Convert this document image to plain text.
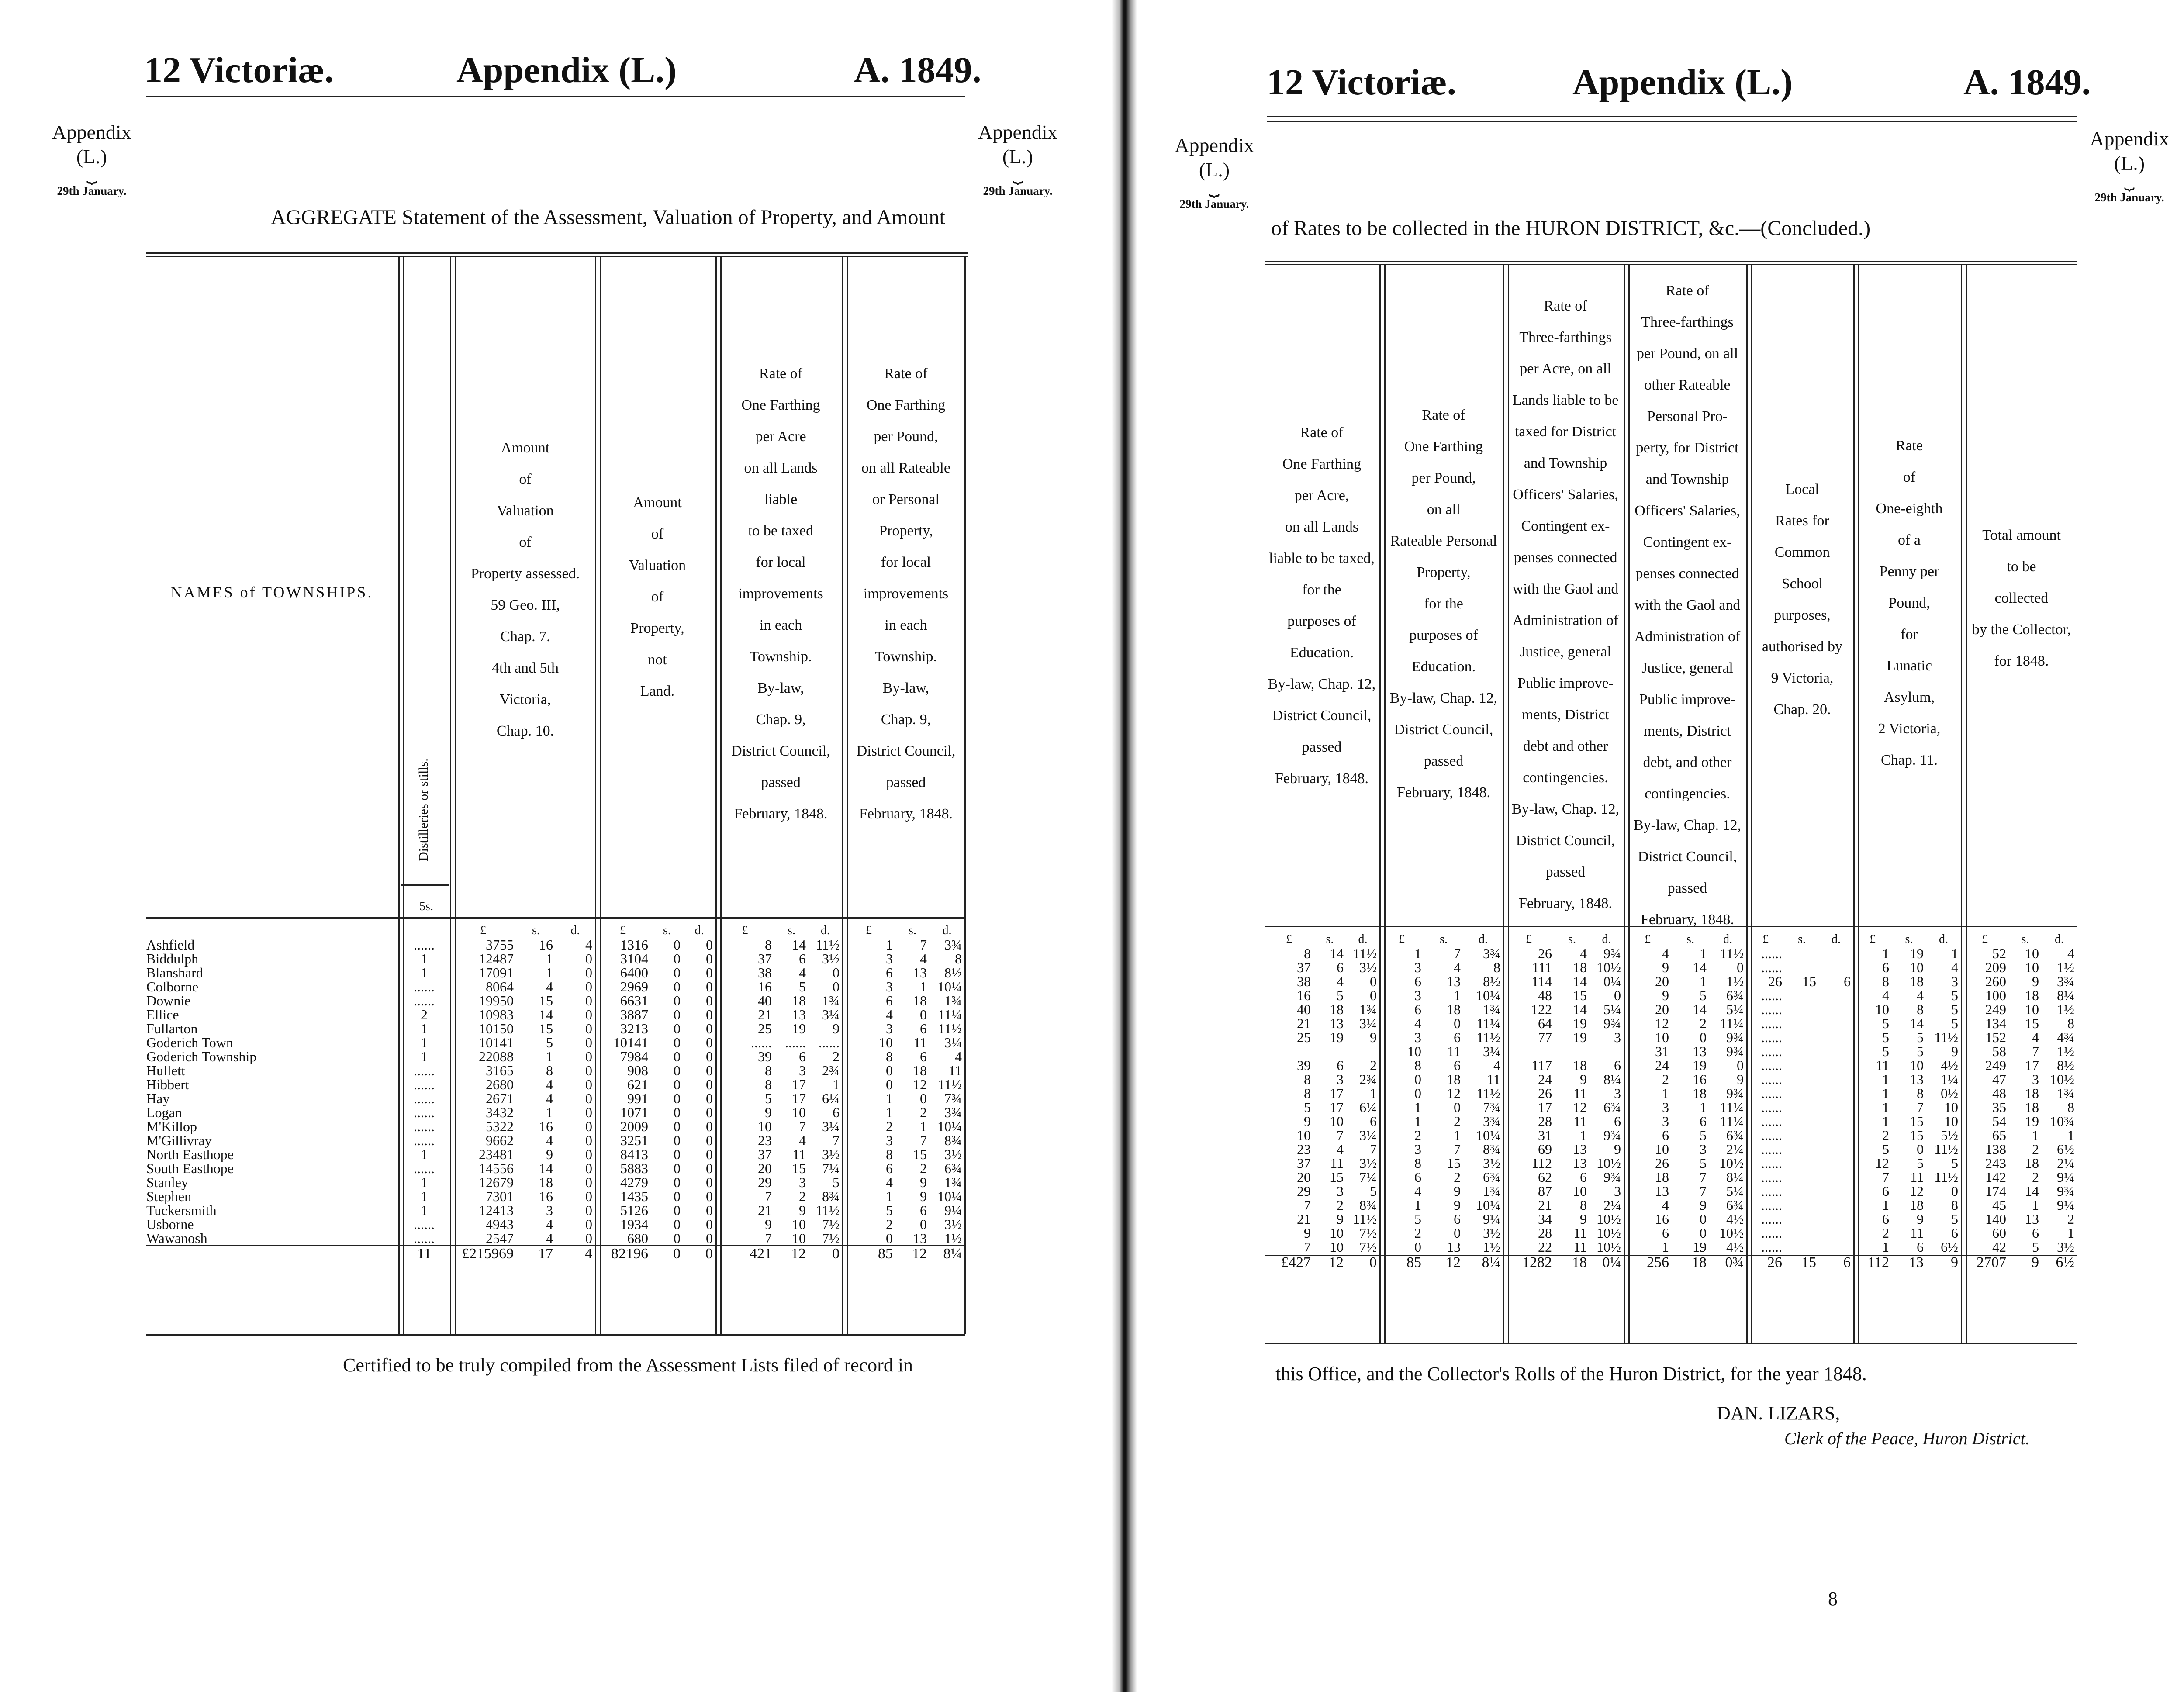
12 Victoriæ.	Appendix (L.)	A. 1849.
Appendix
(L.)
⏟
29th January.
Appendix
(L.)
⏟
29th January.
AGGREGATE Statement of the Assessment, Valuation of Property, and Amount
NAMES of TOWNSHIPS.
Distilleries or stills.
5s.
Amount
of
Valuation
of
Property assessed.
59 Geo. III,
Chap. 7.
4th and 5th
Victoria,
Chap. 10.
Amount
of
Valuation
of
Property,
not
Land.
Rate of
One Farthing
per Acre
on all Lands
liable
to be taxed
for local
improvements
in each
Township.
By-law,
Chap. 9,
District Council,
passed
February, 1848.
Rate of
One Farthing
per Pound,
on all Rateable
or Personal
Property,
for local
improvements
in each
Township.
By-law,
Chap. 9,
District Council,
passed
February, 1848.
		£	s.	d.	£	s.	d.	£	s.	d.	£	s.	d.
Ashfield	......	3755	16	4	1316	0	0	8	14	11½	1	7	3¾
Biddulph	1	12487	1	0	3104	0	0	37	6	3½	3	4	8
Blanshard	1	17091	1	0	6400	0	0	38	4	0	6	13	8½
Colborne	......	8064	4	0	2969	0	0	16	5	0	3	1	10¼
Downie	......	19950	15	0	6631	0	0	40	18	1¾	6	18	1¾
Ellice	2	10983	14	0	3887	0	0	21	13	3¼	4	0	11¼
Fullarton	1	10150	15	0	3213	0	0	25	19	9	3	6	11½
Goderich Town	1	10141	5	0	10141	0	0	......	......	......	10	11	3¼
Goderich Township	1	22088	1	0	7984	0	0	39	6	2	8	6	4
Hullett	......	3165	8	0	908	0	0	8	3	2¾	0	18	11
Hibbert	......	2680	4	0	621	0	0	8	17	1	0	12	11½
Hay	......	2671	4	0	991	0	0	5	17	6¼	1	0	7¾
Logan	......	3432	1	0	1071	0	0	9	10	6	1	2	3¾
M'Killop	......	5322	16	0	2009	0	0	10	7	3¼	2	1	10¼
M'Gillivray	......	9662	4	0	3251	0	0	23	4	7	3	7	8¾
North Easthope	1	23481	9	0	8413	0	0	37	11	3½	8	15	3½
South Easthope	......	14556	14	0	5883	0	0	20	15	7¼	6	2	6¾
Stanley	1	12679	18	0	4279	0	0	29	3	5	4	9	1¾
Stephen	1	7301	16	0	1435	0	0	7	2	8¾	1	9	10¼
Tuckersmith	1	12413	3	0	5126	0	0	21	9	11½	5	6	9¼
Usborne	......	4943	4	0	1934	0	0	9	10	7½	2	0	3½
Wawanosh	......	2547	4	0	680	0	0	7	10	7½	0	13	1½
	11	£215969	17	4	82196	0	0	421	12	0	85	12	8¼
Certified to be truly compiled from the Assessment Lists filed of record in
12 Victoriæ.	Appendix (L.)	A. 1849.
Appendix
(L.)
⏟
29th January.
Appendix
(L.)
⏟
29th January.
of Rates to be collected in the HURON DISTRICT, &c.—(Concluded.)
Rate of
One Farthing
per Acre,
on all Lands
liable to be taxed,
for the
purposes of
Education.
By-law, Chap. 12,
District Council,
passed
February, 1848.
Rate of
One Farthing
per Pound,
on all
Rateable Personal
Property,
for the
purposes of
Education.
By-law, Chap. 12,
District Council,
passed
February, 1848.
Rate of
Three-farthings
per Acre, on all
Lands liable to be
taxed for District
and Township
Officers' Salaries,
Contingent ex-
penses connected
with the Gaol and
Administration of
Justice, general
Public improve-
ments, District
debt and other
contingencies.
By-law, Chap. 12,
District Council,
passed
February, 1848.
Rate of
Three-farthings
per Pound, on all
other Rateable
Personal Pro-
perty, for District
and Township
Officers' Salaries,
Contingent ex-
penses connected
with the Gaol and
Administration of
Justice, general
Public improve-
ments, District
debt, and other
contingencies.
By-law, Chap. 12,
District Council,
passed
February, 1848.
Local
Rates for
Common
School
purposes,
authorised by
9 Victoria,
Chap. 20.
Rate
of
One-eighth
of a
Penny per
Pound,
for
Lunatic
Asylum,
2 Victoria,
Chap. 11.
Total amount
to be
collected
by the Collector,
for 1848.
£	s.	d.	£	s.	d.	£	s.	d.	£	s.	d.	£	s.	d.	£	s.	d.	£	s.	d.
8	14	11½	1	7	3¾	26	4	9¾	4	1	11½	......			1	19	1	52	10	4
37	6	3½	3	4	8	111	18	10½	9	14	0	......			6	10	4	209	10	1½
38	4	0	6	13	8½	114	14	0¼	20	1	1½	26	15	6	8	18	3	260	9	3¾
16	5	0	3	1	10¼	48	15	0	9	5	6¾	......			4	4	5	100	18	8¼
40	18	1¾	6	18	1¾	122	14	5¼	20	14	5¼	......			10	8	5	249	10	1½
21	13	3¼	4	0	11¼	64	19	9¾	12	2	11¼	......			5	14	5	134	15	8
25	19	9	3	6	11½	77	19	3	10	0	9¾	......			5	5	11½	152	4	4¾
			10	11	3¼				31	13	9¾	......			5	5	9	58	7	1½
39	6	2	8	6	4	117	18	6	24	19	0	......			11	10	4½	249	17	8½
8	3	2¾	0	18	11	24	9	8¼	2	16	9	......			1	13	1¼	47	3	10½
8	17	1	0	12	11½	26	11	3	1	18	9¾	......			1	8	0½	48	18	1¾
5	17	6¼	1	0	7¾	17	12	6¾	3	1	11¼	......			1	7	10	35	18	8
9	10	6	1	2	3¾	28	11	6	3	6	11¼	......			1	15	10	54	19	10¾
10	7	3¼	2	1	10¼	31	1	9¾	6	5	6¾	......			2	15	5½	65	1	1
23	4	7	3	7	8¾	69	13	9	10	3	2¼	......			5	0	11½	138	2	6½
37	11	3½	8	15	3½	112	13	10½	26	5	10½	......			12	5	5	243	18	2¼
20	15	7¼	6	2	6¾	62	6	9¾	18	7	8¼	......			7	11	11½	142	2	9¼
29	3	5	4	9	1¾	87	10	3	13	7	5¼	......			6	12	0	174	14	9¾
7	2	8¾	1	9	10¼	21	8	2¼	4	9	6¾	......			1	18	8	45	1	9¼
21	9	11½	5	6	9¼	34	9	10½	16	0	4½	......			6	9	5	140	13	2
9	10	7½	2	0	3½	28	11	10½	6	0	10½	......			2	11	6	60	6	1
7	10	7½	0	13	1½	22	11	10½	1	19	4½	......			1	6	6½	42	5	3½
£427	12	0	85	12	8¼	1282	18	0¼	256	18	0¾	26	15	6	112	13	9	2707	9	6½
this Office, and the Collector's Rolls of the Huron District, for the year 1848.
DAN. LIZARS,
Clerk of the Peace, Huron District.
8
